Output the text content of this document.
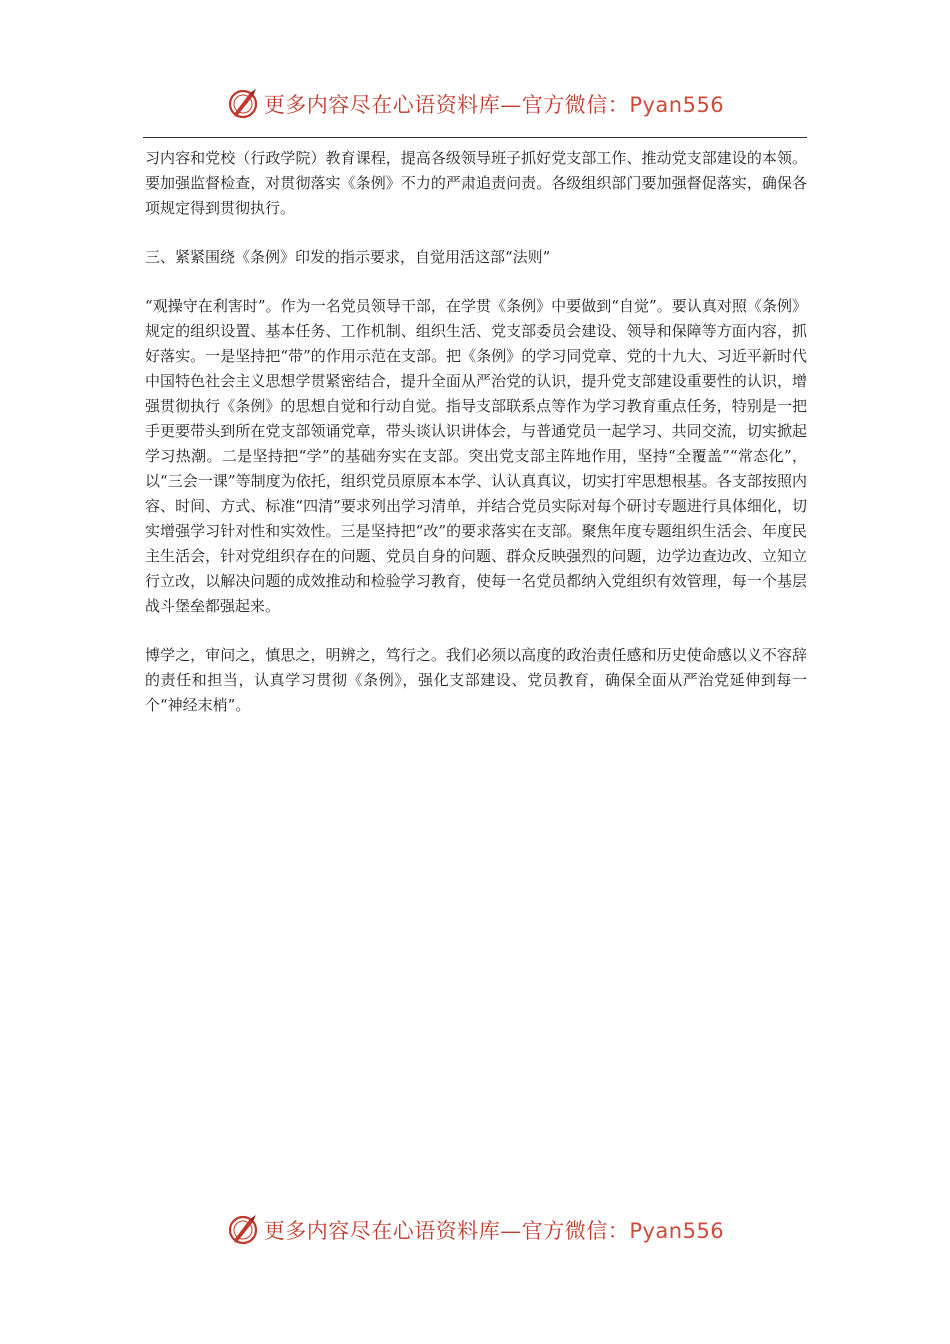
更多内容尽在心语资料库—官方微信：Pyan556

习内容和党校（行政学院）教育课程，提高各级领导班子抓好党支部工作、推动党支部建设的本领。要加强监督检查，对贯彻落实《条例》不力的严肃追责问责。各级组织部门要加强督促落实，确保各项规定得到贯彻执行。

三、紧紧围绕《条例》印发的指示要求，自觉用活这部“法则”

“观操守在利害时”。作为一名党员领导干部，在学贯《条例》中要做到“自觉”。要认真对照《条例》规定的组织设置、基本任务、工作机制、组织生活、党支部委员会建设、领导和保障等方面内容，抓好落实。一是坚持把“带”的作用示范在支部。把《条例》的学习同党章、党的十九大、习近平新时代中国特色社会主义思想学贯紧密结合，提升全面从严治党的认识，提升党支部建设重要性的认识，增强贯彻执行《条例》的思想自觉和行动自觉。指导支部联系点等作为学习教育重点任务，特别是一把手更要带头到所在党支部领诵党章，带头谈认识讲体会，与普通党员一起学习、共同交流，切实掀起学习热潮。二是坚持把“学”的基础夯实在支部。突出党支部主阵地作用，坚持“全覆盖”“常态化”，以“三会一课”等制度为依托，组织党员原原本本学、认认真真议，切实打牢思想根基。各支部按照内容、时间、方式、标准“四清”要求列出学习清单，并结合党员实际对每个研讨专题进行具体细化，切实增强学习针对性和实效性。三是坚持把“改”的要求落实在支部。聚焦年度专题组织生活会、年度民主生活会，针对党组织存在的问题、党员自身的问题、群众反映强烈的问题，边学边查边改、立知立行立改，以解决问题的成效推动和检验学习教育，使每一名党员都纳入党组织有效管理，每一个基层战斗堡垒都强起来。

博学之，审问之，慎思之，明辨之，笃行之。我们必须以高度的政治责任感和历史使命感以义不容辞的责任和担当，认真学习贯彻《条例》，强化支部建设、党员教育，确保全面从严治党延伸到每一个“神经末梢”。

更多内容尽在心语资料库—官方微信：Pyan556
